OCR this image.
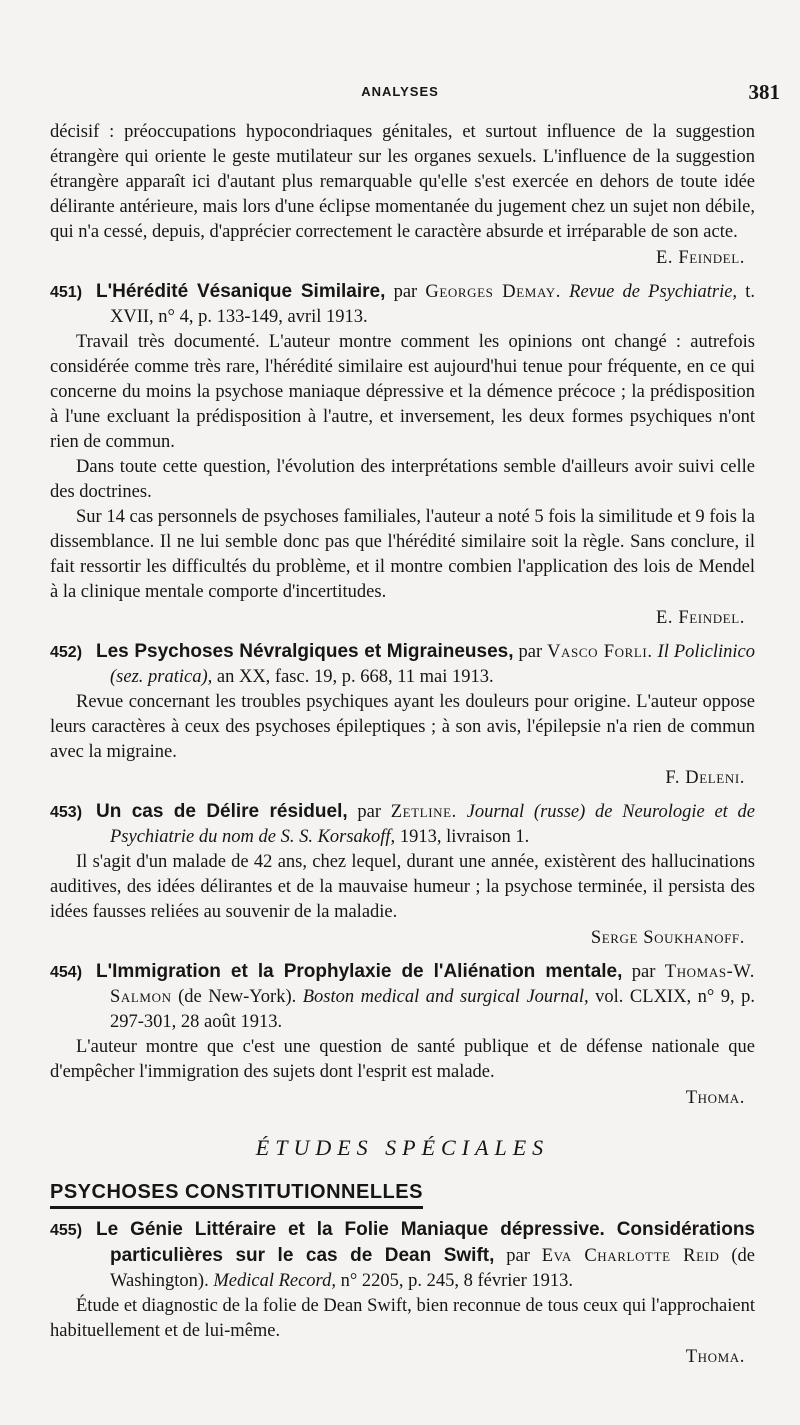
ANALYSES	381

décisif : préoccupations hypocondriaques génitales, et surtout influence de la suggestion étrangère qui oriente le geste mutilateur sur les organes sexuels. L'influence de la suggestion étrangère apparaît ici d'autant plus remarquable qu'elle s'est exercée en dehors de toute idée délirante antérieure, mais lors d'une éclipse momentanée du jugement chez un sujet non débile, qui n'a cessé, depuis, d'apprécier correctement le caractère absurde et irréparable de son acte.

E. Feindel.

451) L'Hérédité Vésanique Similaire, par Georges Demay. Revue de Psychiatrie, t. XVII, n° 4, p. 133-149, avril 1913.

Travail très documenté. L'auteur montre comment les opinions ont changé : autrefois considérée comme très rare, l'hérédité similaire est aujourd'hui tenue pour fréquente, en ce qui concerne du moins la psychose maniaque dépressive et la démence précoce ; la prédisposition à l'une excluant la prédisposition à l'autre, et inversement, les deux formes psychiques n'ont rien de commun.

Dans toute cette question, l'évolution des interprétations semble d'ailleurs avoir suivi celle des doctrines.

Sur 14 cas personnels de psychoses familiales, l'auteur a noté 5 fois la similitude et 9 fois la dissemblance. Il ne lui semble donc pas que l'hérédité similaire soit la règle. Sans conclure, il fait ressortir les difficultés du problème, et il montre combien l'application des lois de Mendel à la clinique mentale comporte d'incertitudes.

E. Feindel.

452) Les Psychoses Névralgiques et Migraineuses, par Vasco Forli. Il Policlinico (sez. pratica), an XX, fasc. 19, p. 668, 11 mai 1913.

Revue concernant les troubles psychiques ayant les douleurs pour origine. L'auteur oppose leurs caractères à ceux des psychoses épileptiques ; à son avis, l'épilepsie n'a rien de commun avec la migraine.

F. Deleni.

453) Un cas de Délire résiduel, par Zetline. Journal (russe) de Neurologie et de Psychiatrie du nom de S. S. Korsakoff, 1913, livraison 1.

Il s'agit d'un malade de 42 ans, chez lequel, durant une année, existèrent des hallucinations auditives, des idées délirantes et de la mauvaise humeur ; la psychose terminée, il persista des idées fausses reliées au souvenir de la maladie.

Serge Soukhanoff.

454) L'Immigration et la Prophylaxie de l'Aliénation mentale, par Thomas-W. Salmon (de New-York). Boston medical and surgical Journal, vol. CLXIX, n° 9, p. 297-301, 28 août 1913.

L'auteur montre que c'est une question de santé publique et de défense nationale que d'empêcher l'immigration des sujets dont l'esprit est malade.

Thoma.

ÉTUDES SPÉCIALES
PSYCHOSES CONSTITUTIONNELLES

455) Le Génie Littéraire et la Folie Maniaque dépressive. Considérations particulières sur le cas de Dean Swift, par Eva Charlotte Reid (de Washington). Medical Record, n° 2205, p. 245, 8 février 1913.

Étude et diagnostic de la folie de Dean Swift, bien reconnue de tous ceux qui l'approchaient habituellement et de lui-même.

Thoma.
